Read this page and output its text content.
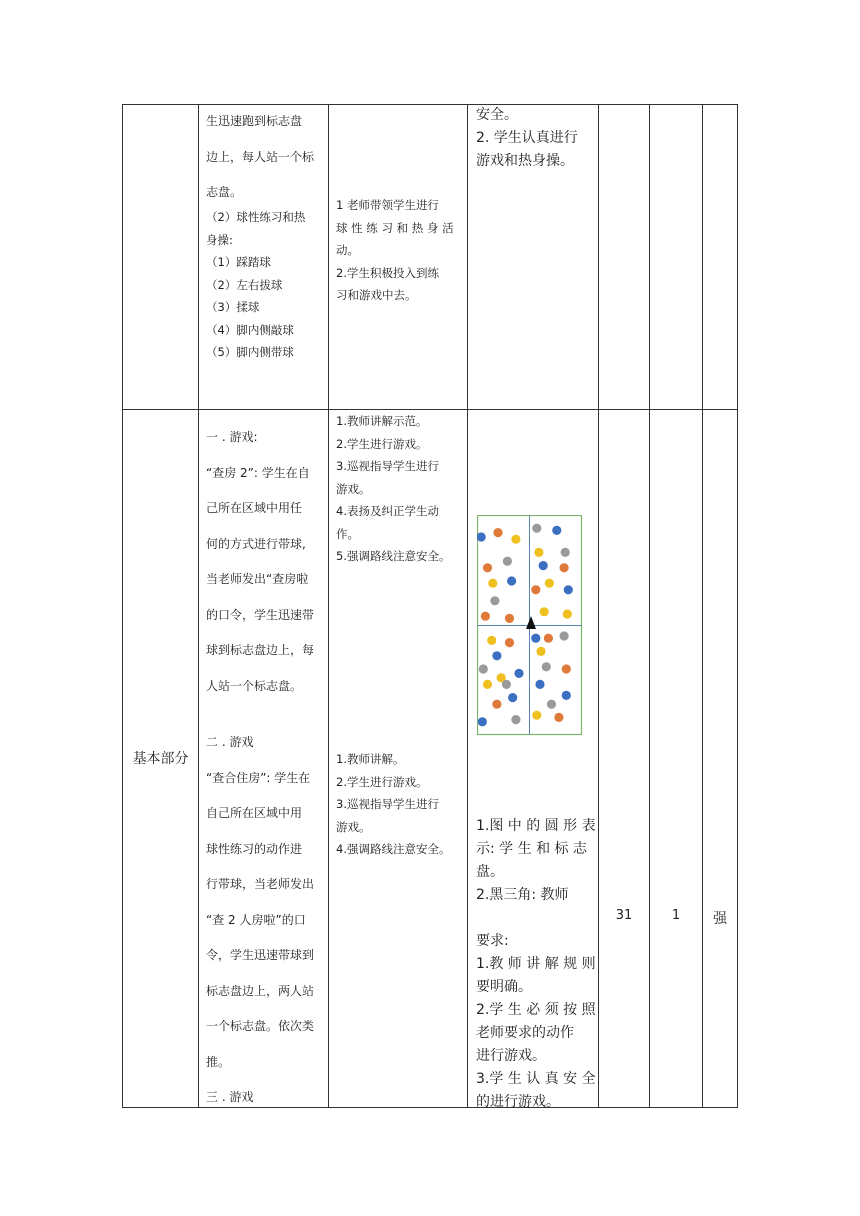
生迅速跑到标志盘
边上，每人站一个标
志盘。
（2）球性练习和热
身操:
（1）踩踏球
（2）左右拔球
（3）揉球
（4）脚内侧敲球
（5）脚内侧带球
1 老师带领学生进行
球 性 练 习 和 热 身 活
动。
2.学生积极投入到练
习和游戏中去。
安全。
2. 学生认真进行
游戏和热身操。
基本部分
一 . 游戏:
“查房 2”: 学生在自
己所在区域中用任
何的方式进行带球,
当老师发出“查房啦
的口令，学生迅速带
球到标志盘边上，每
人站一个标志盘。
二 . 游戏
“查合住房”: 学生在
自己所在区域中用
球性练习的动作进
行带球，当老师发出
“查 2 人房啦”的口
令，学生迅速带球到
标志盘边上，两人站
一个标志盘。依次类
推。
三 . 游戏
1.教师讲解示范。
2.学生进行游戏。
3.巡视指导学生进行
游戏。
4.表扬及纠正学生动
作。
5.强调路线注意安全。
1.教师讲解。
2.学生进行游戏。
3.巡视指导学生进行
游戏。
4.强调路线注意安全。
1.图 中 的 圆 形 表
示: 学 生 和 标 志
盘。
2.黑三角: 教师

要求:
1.教 师 讲 解 规 则
要明确。
2.学 生 必 须 按 照
老师要求的动作
进行游戏。
3.学 生 认 真 安 全
的进行游戏。
31	1	强
